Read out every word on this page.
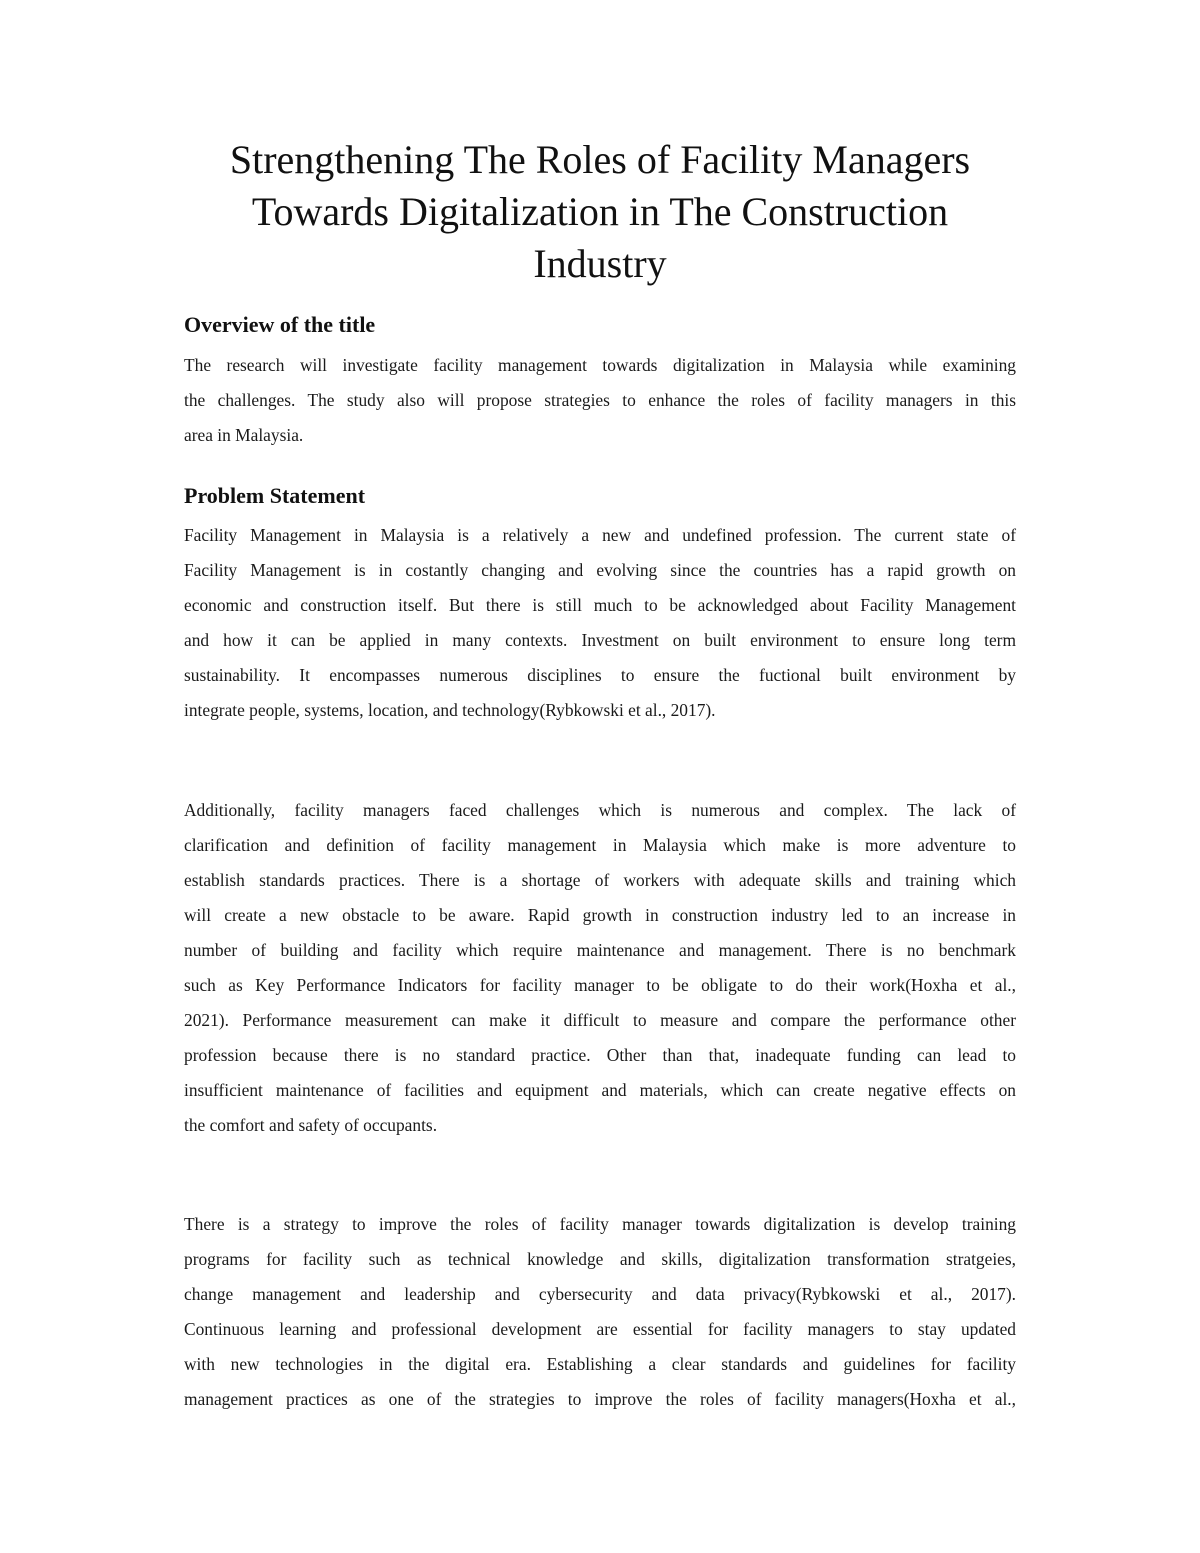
Strengthening The Roles of Facility Managers
Towards Digitalization in The Construction
Industry
Overview of the title
The research will investigate facility management towards digitalization in Malaysia while examining
the challenges. The study also will propose strategies to enhance the roles of facility managers in this
area in Malaysia.
Problem Statement
Facility Management in Malaysia is a relatively a new and undefined profession. The current state of
Facility Management is in costantly changing and evolving since the countries has a rapid growth on
economic and construction itself. But there is still much to be acknowledged about Facility Management
and how it can be applied in many contexts. Investment on built environment to ensure long term
sustainability. It encompasses numerous disciplines to ensure the fuctional built environment by
integrate people, systems, location, and technology(Rybkowski et al., 2017).
Additionally, facility managers faced challenges which is numerous and complex. The lack of
clarification and definition of facility management in Malaysia which make is more adventure to
establish standards practices. There is a shortage of workers with adequate skills and training which
will create a new obstacle to be aware. Rapid growth in construction industry led to an increase in
number of building and facility which require maintenance and management. There is no benchmark
such as Key Performance Indicators for facility manager to be obligate to do their work(Hoxha et al.,
2021). Performance measurement can make it difficult to measure and compare the performance other
profession because there is no standard practice. Other than that, inadequate funding can lead to
insufficient maintenance of facilities and equipment and materials, which can create negative effects on
the comfort and safety of occupants.
There is a strategy to improve the roles of facility manager towards digitalization is develop training
programs for facility such as technical knowledge and skills, digitalization transformation stratgeies,
change management and leadership and cybersecurity and data privacy(Rybkowski et al., 2017).
Continuous learning and professional development are essential for facility managers to stay updated
with new technologies in the digital era. Establishing a clear standards and guidelines for facility
management practices as one of the strategies to improve the roles of facility managers(Hoxha et al.,
